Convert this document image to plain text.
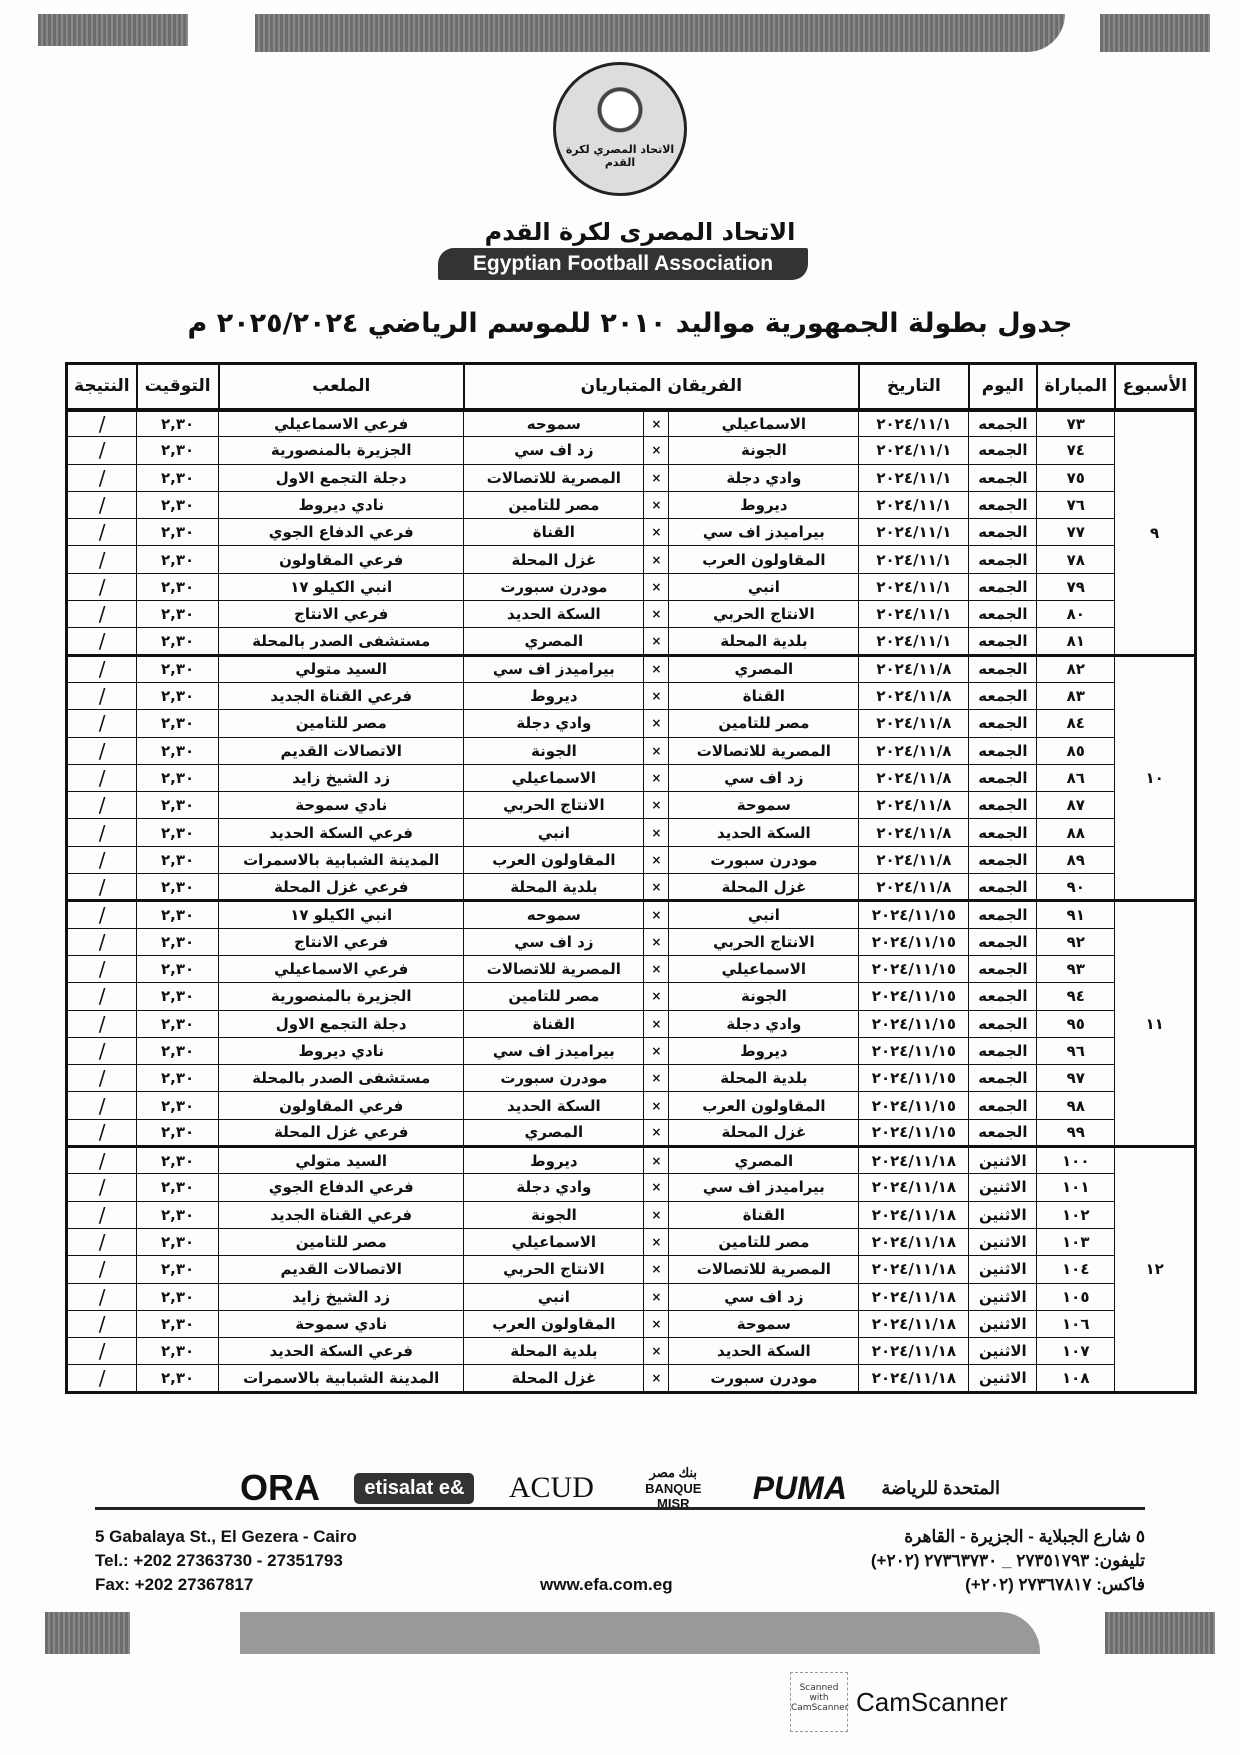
الاتحاد المصري لكرة القدم
الاتحاد المصرى لكرة القدم
Egyptian Football Association
جدول بطولة الجمهورية مواليد ٢٠١٠ للموسم الرياضي ٢٠٢٥/٢٠٢٤ م
الأسبوع	المباراة	اليوم	التاريخ	الفريقان المتباريان			الملعب	التوقيت	النتيجة
٩	٧٣	الجمعه	٢٠٢٤/١١/١	الاسماعيلي	×	سموحه	فرعي الاسماعيلي	٢,٣٠	/
	٧٤	الجمعه	٢٠٢٤/١١/١	الجونة	×	زد اف سي	الجزيرة بالمنصورية	٢,٣٠	/
	٧٥	الجمعه	٢٠٢٤/١١/١	وادي دجلة	×	المصرية للاتصالات	دجلة التجمع الاول	٢,٣٠	/
	٧٦	الجمعه	٢٠٢٤/١١/١	ديروط	×	مصر للتامين	نادي ديروط	٢,٣٠	/
	٧٧	الجمعه	٢٠٢٤/١١/١	بيراميدز اف سي	×	القناة	فرعي الدفاع الجوي	٢,٣٠	/
	٧٨	الجمعه	٢٠٢٤/١١/١	المقاولون العرب	×	غزل المحلة	فرعي المقاولون	٢,٣٠	/
	٧٩	الجمعه	٢٠٢٤/١١/١	انبي	×	مودرن سبورت	انبي الكيلو ١٧	٢,٣٠	/
	٨٠	الجمعه	٢٠٢٤/١١/١	الانتاج الحربي	×	السكة الحديد	فرعي الانتاج	٢,٣٠	/
	٨١	الجمعه	٢٠٢٤/١١/١	بلدية المحلة	×	المصري	مستشفى الصدر بالمحلة	٢,٣٠	/
١٠	٨٢	الجمعه	٢٠٢٤/١١/٨	المصري	×	بيراميدز اف سي	السيد متولي	٢,٣٠	/
	٨٣	الجمعه	٢٠٢٤/١١/٨	القناة	×	ديروط	فرعي القناة الجديد	٢,٣٠	/
	٨٤	الجمعه	٢٠٢٤/١١/٨	مصر للتامين	×	وادي دجلة	مصر للتامين	٢,٣٠	/
	٨٥	الجمعه	٢٠٢٤/١١/٨	المصرية للاتصالات	×	الجونة	الاتصالات القديم	٢,٣٠	/
	٨٦	الجمعه	٢٠٢٤/١١/٨	زد اف سي	×	الاسماعيلي	زد الشيخ زايد	٢,٣٠	/
	٨٧	الجمعه	٢٠٢٤/١١/٨	سموحة	×	الانتاج الحربي	نادي سموحة	٢,٣٠	/
	٨٨	الجمعه	٢٠٢٤/١١/٨	السكة الحديد	×	انبي	فرعي السكة الحديد	٢,٣٠	/
	٨٩	الجمعه	٢٠٢٤/١١/٨	مودرن سبورت	×	المقاولون العرب	المدينة الشبابية بالاسمرات	٢,٣٠	/
	٩٠	الجمعه	٢٠٢٤/١١/٨	غزل المحلة	×	بلدية المحلة	فرعي غزل المحلة	٢,٣٠	/
١١	٩١	الجمعه	٢٠٢٤/١١/١٥	انبي	×	سموحه	انبي الكيلو ١٧	٢,٣٠	/
	٩٢	الجمعه	٢٠٢٤/١١/١٥	الانتاج الحربي	×	زد اف سي	فرعي الانتاج	٢,٣٠	/
	٩٣	الجمعه	٢٠٢٤/١١/١٥	الاسماعيلي	×	المصرية للاتصالات	فرعي الاسماعيلي	٢,٣٠	/
	٩٤	الجمعه	٢٠٢٤/١١/١٥	الجونة	×	مصر للتامين	الجزيرة بالمنصورية	٢,٣٠	/
	٩٥	الجمعه	٢٠٢٤/١١/١٥	وادي دجلة	×	القناة	دجلة التجمع الاول	٢,٣٠	/
	٩٦	الجمعه	٢٠٢٤/١١/١٥	ديروط	×	بيراميدز اف سي	نادي ديروط	٢,٣٠	/
	٩٧	الجمعه	٢٠٢٤/١١/١٥	بلدية المحلة	×	مودرن سبورت	مستشفى الصدر بالمحلة	٢,٣٠	/
	٩٨	الجمعه	٢٠٢٤/١١/١٥	المقاولون العرب	×	السكة الحديد	فرعي المقاولون	٢,٣٠	/
	٩٩	الجمعه	٢٠٢٤/١١/١٥	غزل المحلة	×	المصري	فرعي غزل المحلة	٢,٣٠	/
١٢	١٠٠	الاثنين	٢٠٢٤/١١/١٨	المصري	×	ديروط	السيد متولي	٢,٣٠	/
	١٠١	الاثنين	٢٠٢٤/١١/١٨	بيراميدز اف سي	×	وادي دجلة	فرعي الدفاع الجوي	٢,٣٠	/
	١٠٢	الاثنين	٢٠٢٤/١١/١٨	القناة	×	الجونة	فرعي القناة الجديد	٢,٣٠	/
	١٠٣	الاثنين	٢٠٢٤/١١/١٨	مصر للتامين	×	الاسماعيلي	مصر للتامين	٢,٣٠	/
	١٠٤	الاثنين	٢٠٢٤/١١/١٨	المصرية للاتصالات	×	الانتاج الحربي	الاتصالات القديم	٢,٣٠	/
	١٠٥	الاثنين	٢٠٢٤/١١/١٨	زد اف سي	×	انبي	زد الشيخ زايد	٢,٣٠	/
	١٠٦	الاثنين	٢٠٢٤/١١/١٨	سموحة	×	المقاولون العرب	نادي سموحة	٢,٣٠	/
	١٠٧	الاثنين	٢٠٢٤/١١/١٨	السكة الحديد	×	بلدية المحلة	فرعي السكة الحديد	٢,٣٠	/
	١٠٨	الاثنين	٢٠٢٤/١١/١٨	مودرن سبورت	×	غزل المحلة	المدينة الشبابية بالاسمرات	٢,٣٠	/
ORA	etisalat e&	ACUD	بنك مصر BANQUE MISR	PUMA المتحدة للرياضة
5 Gabalaya St., El Gezera - Cairo
Tel.: +202 27363730 - 27351793
Fax: +202 27367817	www.efa.com.eg
٥ شارع الجبلاية - الجزيرة - القاهرة
تليفون: ٢٧٣٥١٧٩٣ _ ٢٧٣٦٣٧٣٠ (٢٠٢+)
فاكس: ٢٧٣٦٧٨١٧ (٢٠٢+)
Scanned with CamScanner CamScanner
